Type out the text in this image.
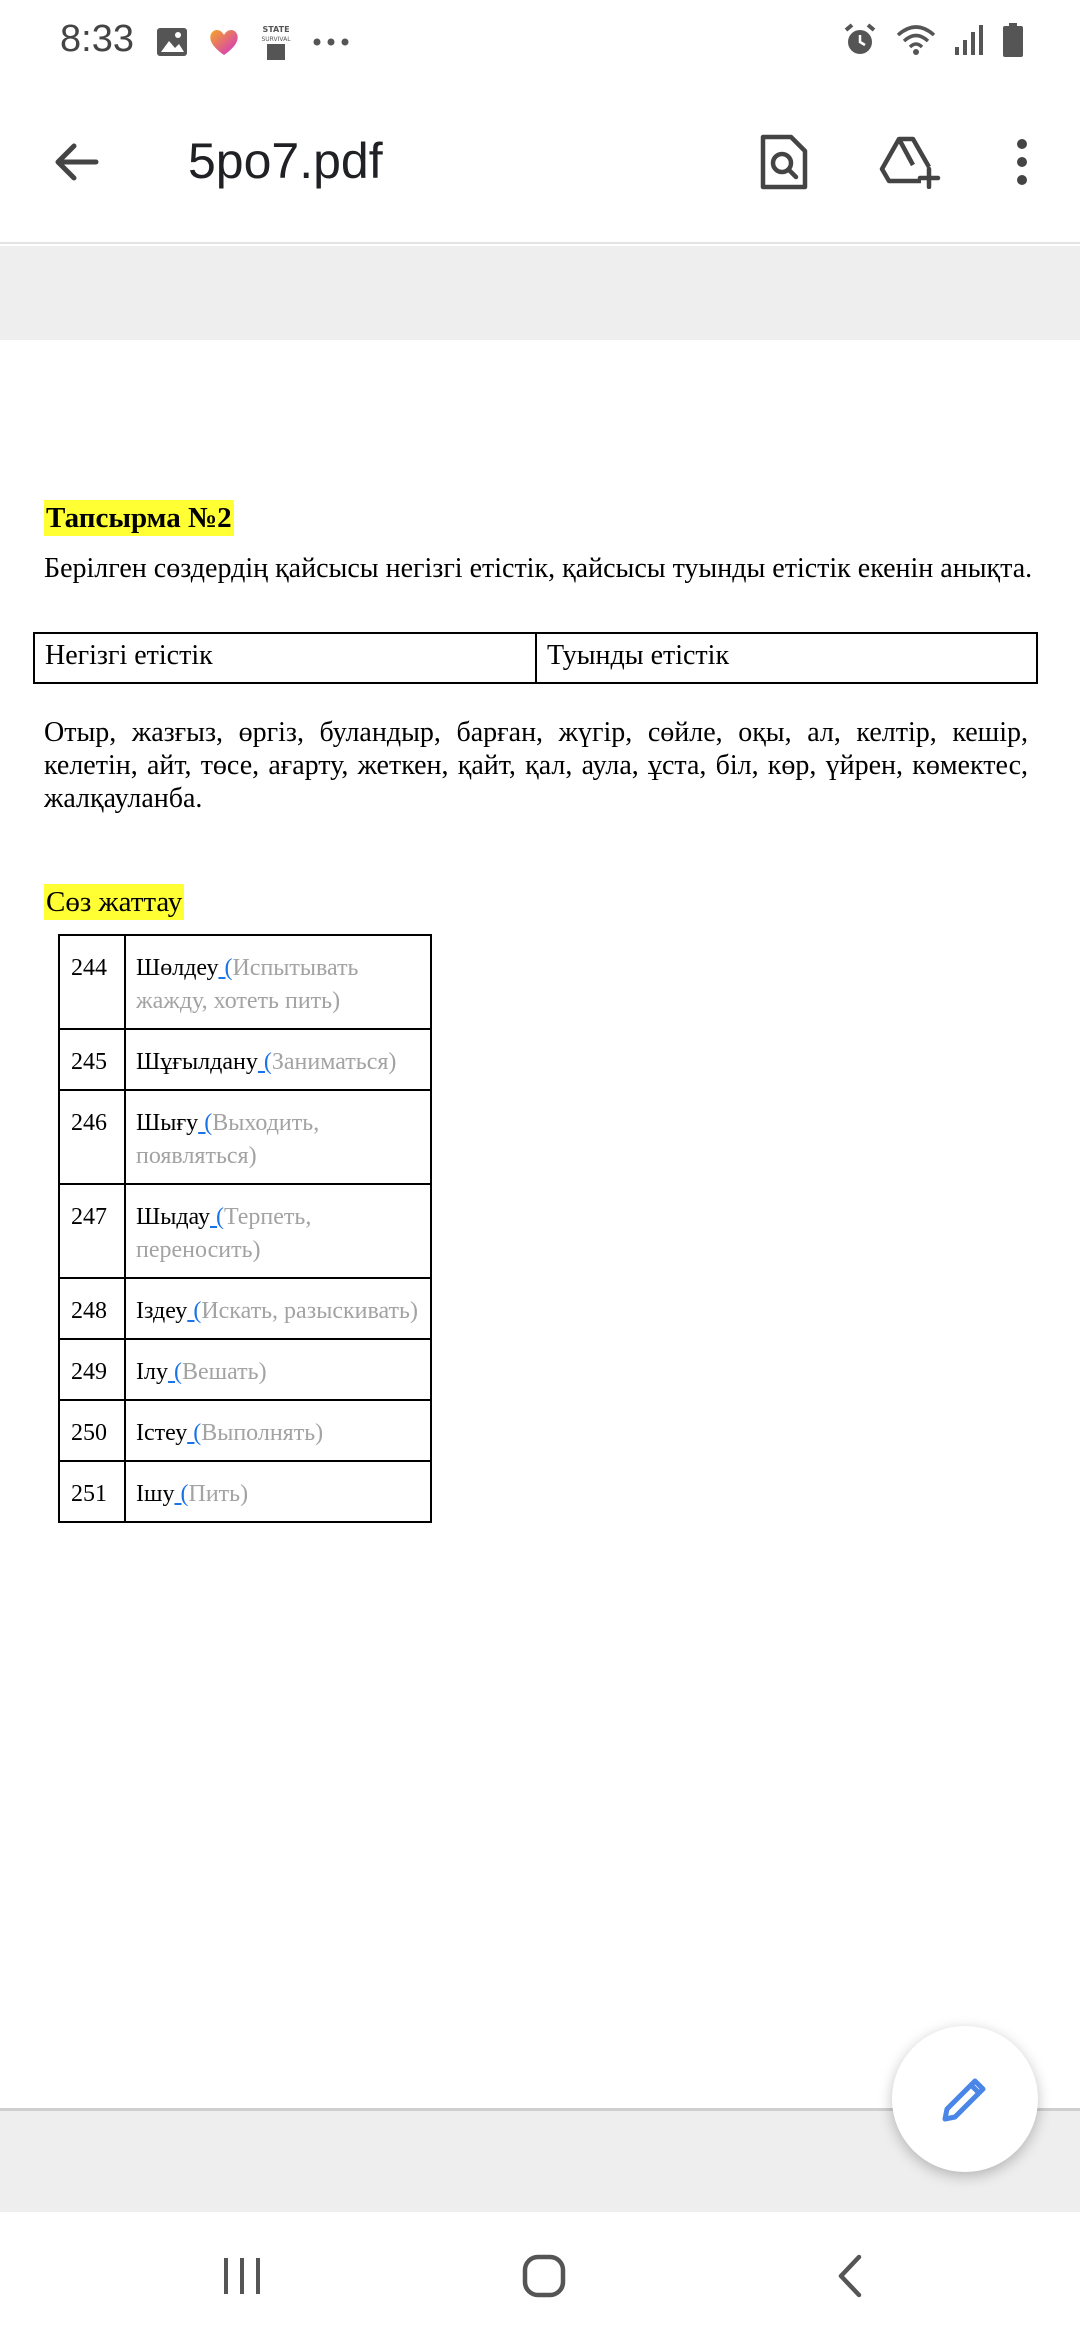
8:33	STATE
SURVIVAL
5po7.pdf
Тапсырма №2
Берілген сөздердің қайсысы негізгі етістік, қайсысы туынды етістік екенін анықта.
Негізгі етістік	Туынды етістік
Отыр, жазғыз, өргіз, буландыр, барған, жүгір, сөйле, оқы, ал, келтір, кешір, келетін, айт, төсе, ағарту, жеткен, қайт, қал, аула, ұста, біл, көр, үйрен, көмектес, жалқауланба.
Сөз жаттау
244	Шөлдеу (Испытывать жажду, хотеть пить)
245	Шұғылдану (Заниматься)
246	Шығу (Выходить, появляться)
247	Шыдау (Терпеть, переносить)
248	Іздеу (Искать, разыскивать)
249	Ілу (Вешать)
250	Істеу (Выполнять)
251	Ішу (Пить)
